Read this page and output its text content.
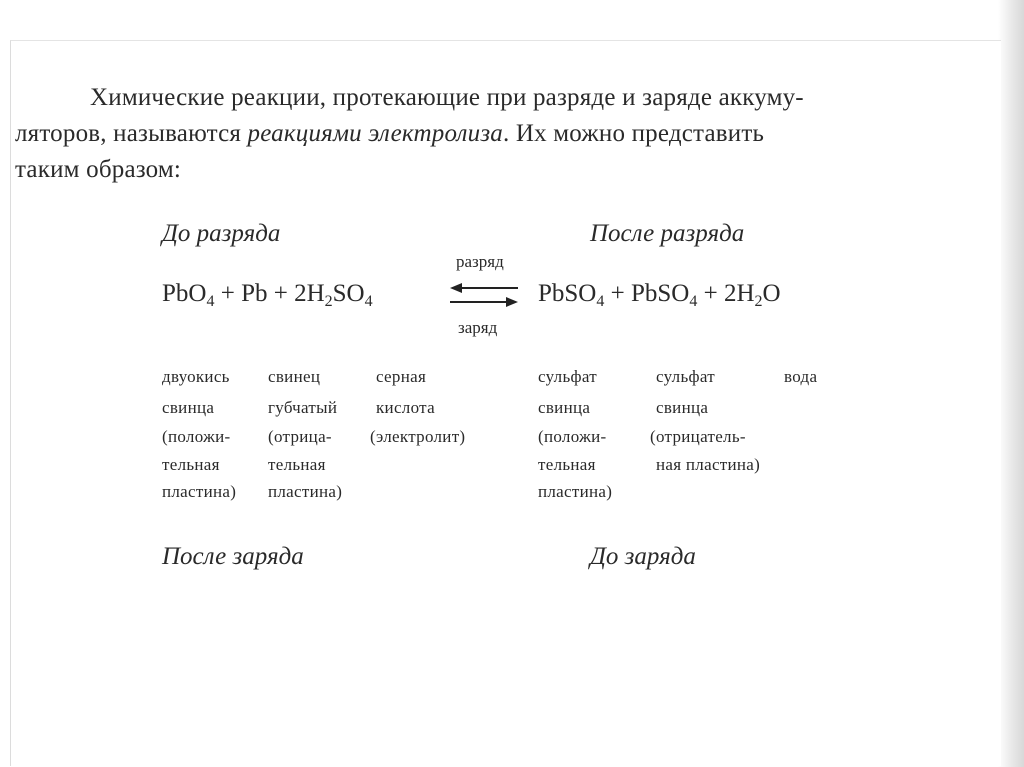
Химические реакции, протекающие при разряде и заряде аккуму-
ляторов, называются реакциями электролиза. Их можно представить
таким образом:
До разряда	После разряда
$PbO_4 + Pb + 2H_2SO_4$
разряд
заряд
PbSO$_4$ + PbSO$_4$ + $2H_2O$
двуокись
свинца
(положи-
тельная
пластина)
свинец
губчатый
(отрица-
тельная
пластина)
серная
кислота
(электролит)
сульфат
свинца
(положи-
тельная
пластина)
сульфат
свинца
(отрицатель-
ная пластина)
вода
После заряда	До заряда
